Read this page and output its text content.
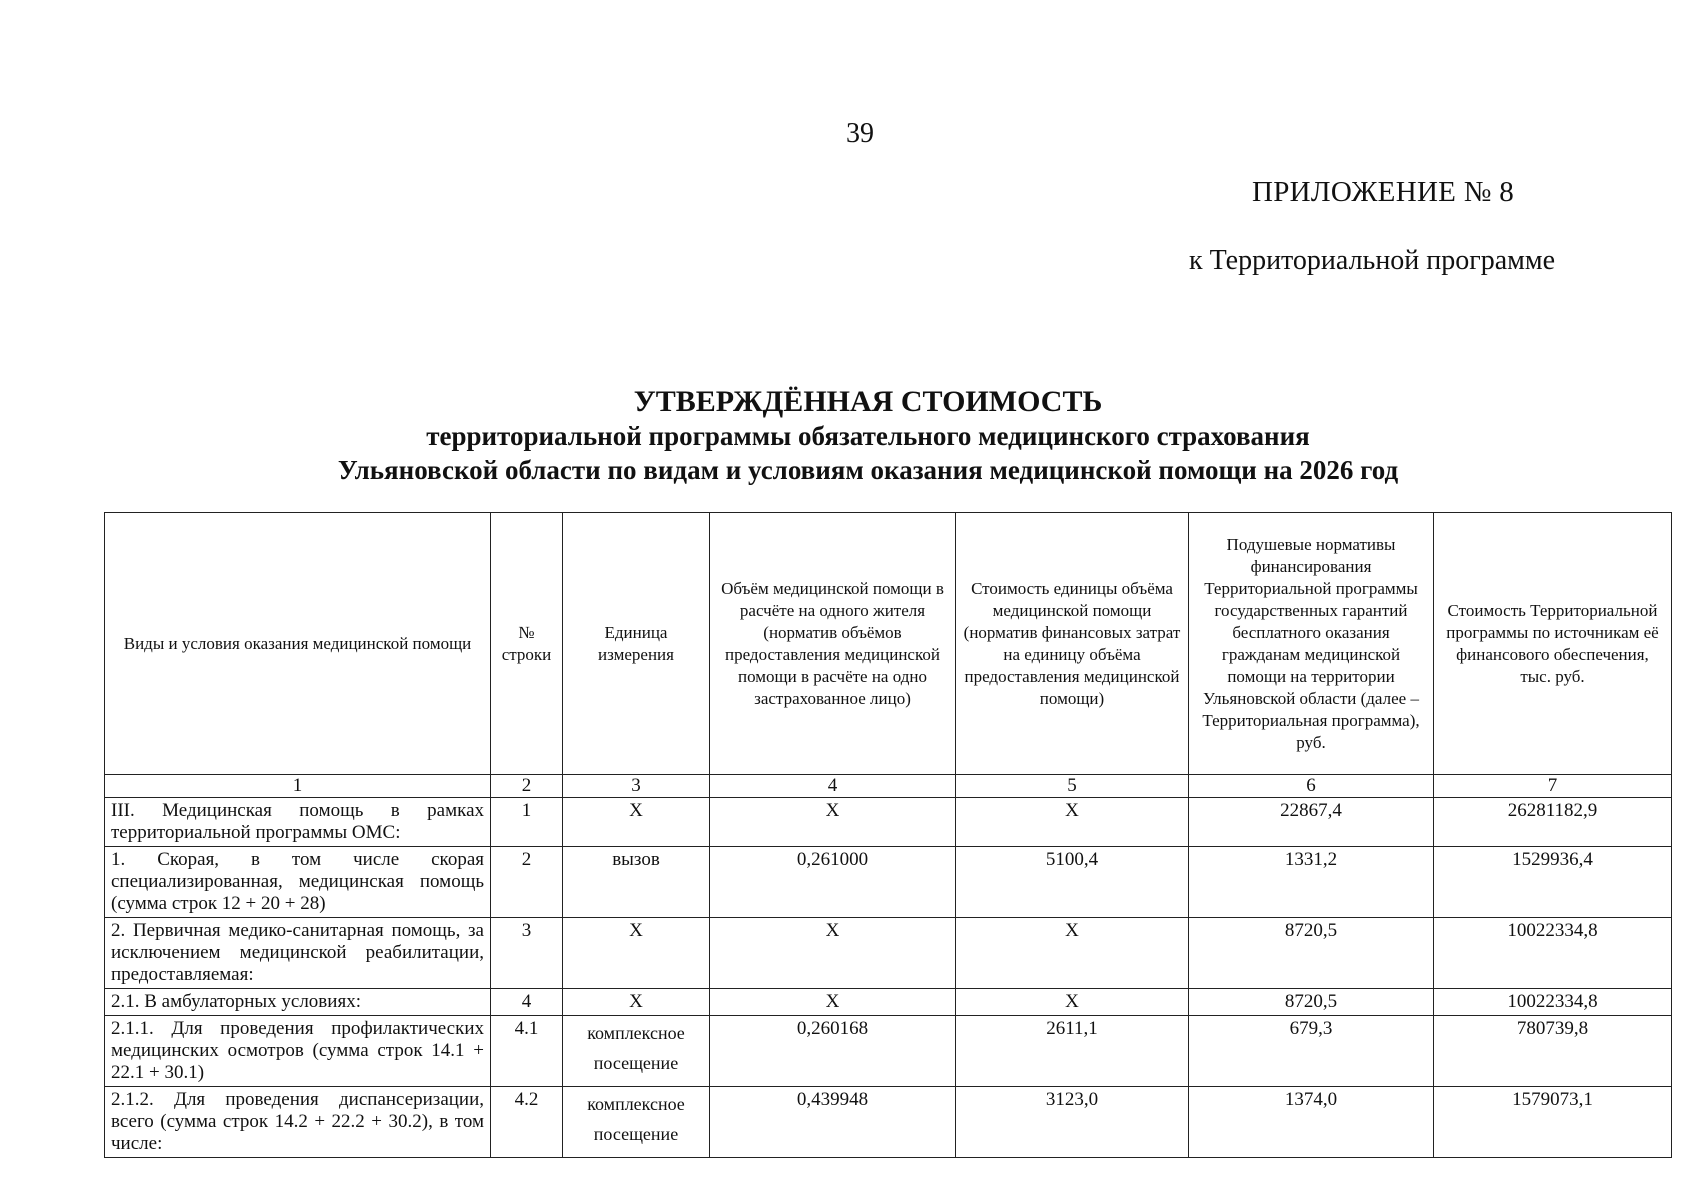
39
ПРИЛОЖЕНИЕ № 8
к Территориальной программе
УТВЕРЖДЁННАЯ СТОИМОСТЬ
территориальной программы обязательного медицинского страхования
Ульяновской области по видам и условиям оказания медицинской помощи на 2026 год
Виды и условия оказания медицинской помощи	№ строки	Единица измерения	Объём медицинской помощи в расчёте на одного жителя (норматив объёмов предоставления медицинской помощи в расчёте на одно застрахованное лицо)	Стоимость единицы объёма медицинской помощи (норматив финансовых затрат на единицу объёма предоставления медицинской помощи)	Подушевые нормативы финансирования Территориальной программы государственных гарантий бесплатного оказания гражданам медицинской помощи на территории Ульяновской области (далее – Территориальная программа), руб.	Стоимость Территориальной программы по источникам её финансового обеспечения, тыс. руб.
1	2	3	4	5	6	7
III. Медицинская помощь в рамках территориальной программы ОМС:	1	X	X	X	22867,4	26281182,9
1. Скорая, в том числе скорая специализированная, медицинская помощь (сумма строк 12 + 20 + 28)	2	вызов	0,261000	5100,4	1331,2	1529936,4
2. Первичная медико-санитарная помощь, за исключением медицинской реабилитации, предоставляемая:	3	X	X	X	8720,5	10022334,8
2.1. В амбулаторных условиях:	4	X	X	X	8720,5	10022334,8
2.1.1. Для проведения профилактических медицинских осмотров (сумма строк 14.1 + 22.1 + 30.1)	4.1	комплексное посещение	0,260168	2611,1	679,3	780739,8
2.1.2. Для проведения диспансеризации, всего (сумма строк 14.2 + 22.2 + 30.2), в том числе:	4.2	комплексное посещение	0,439948	3123,0	1374,0	1579073,1
